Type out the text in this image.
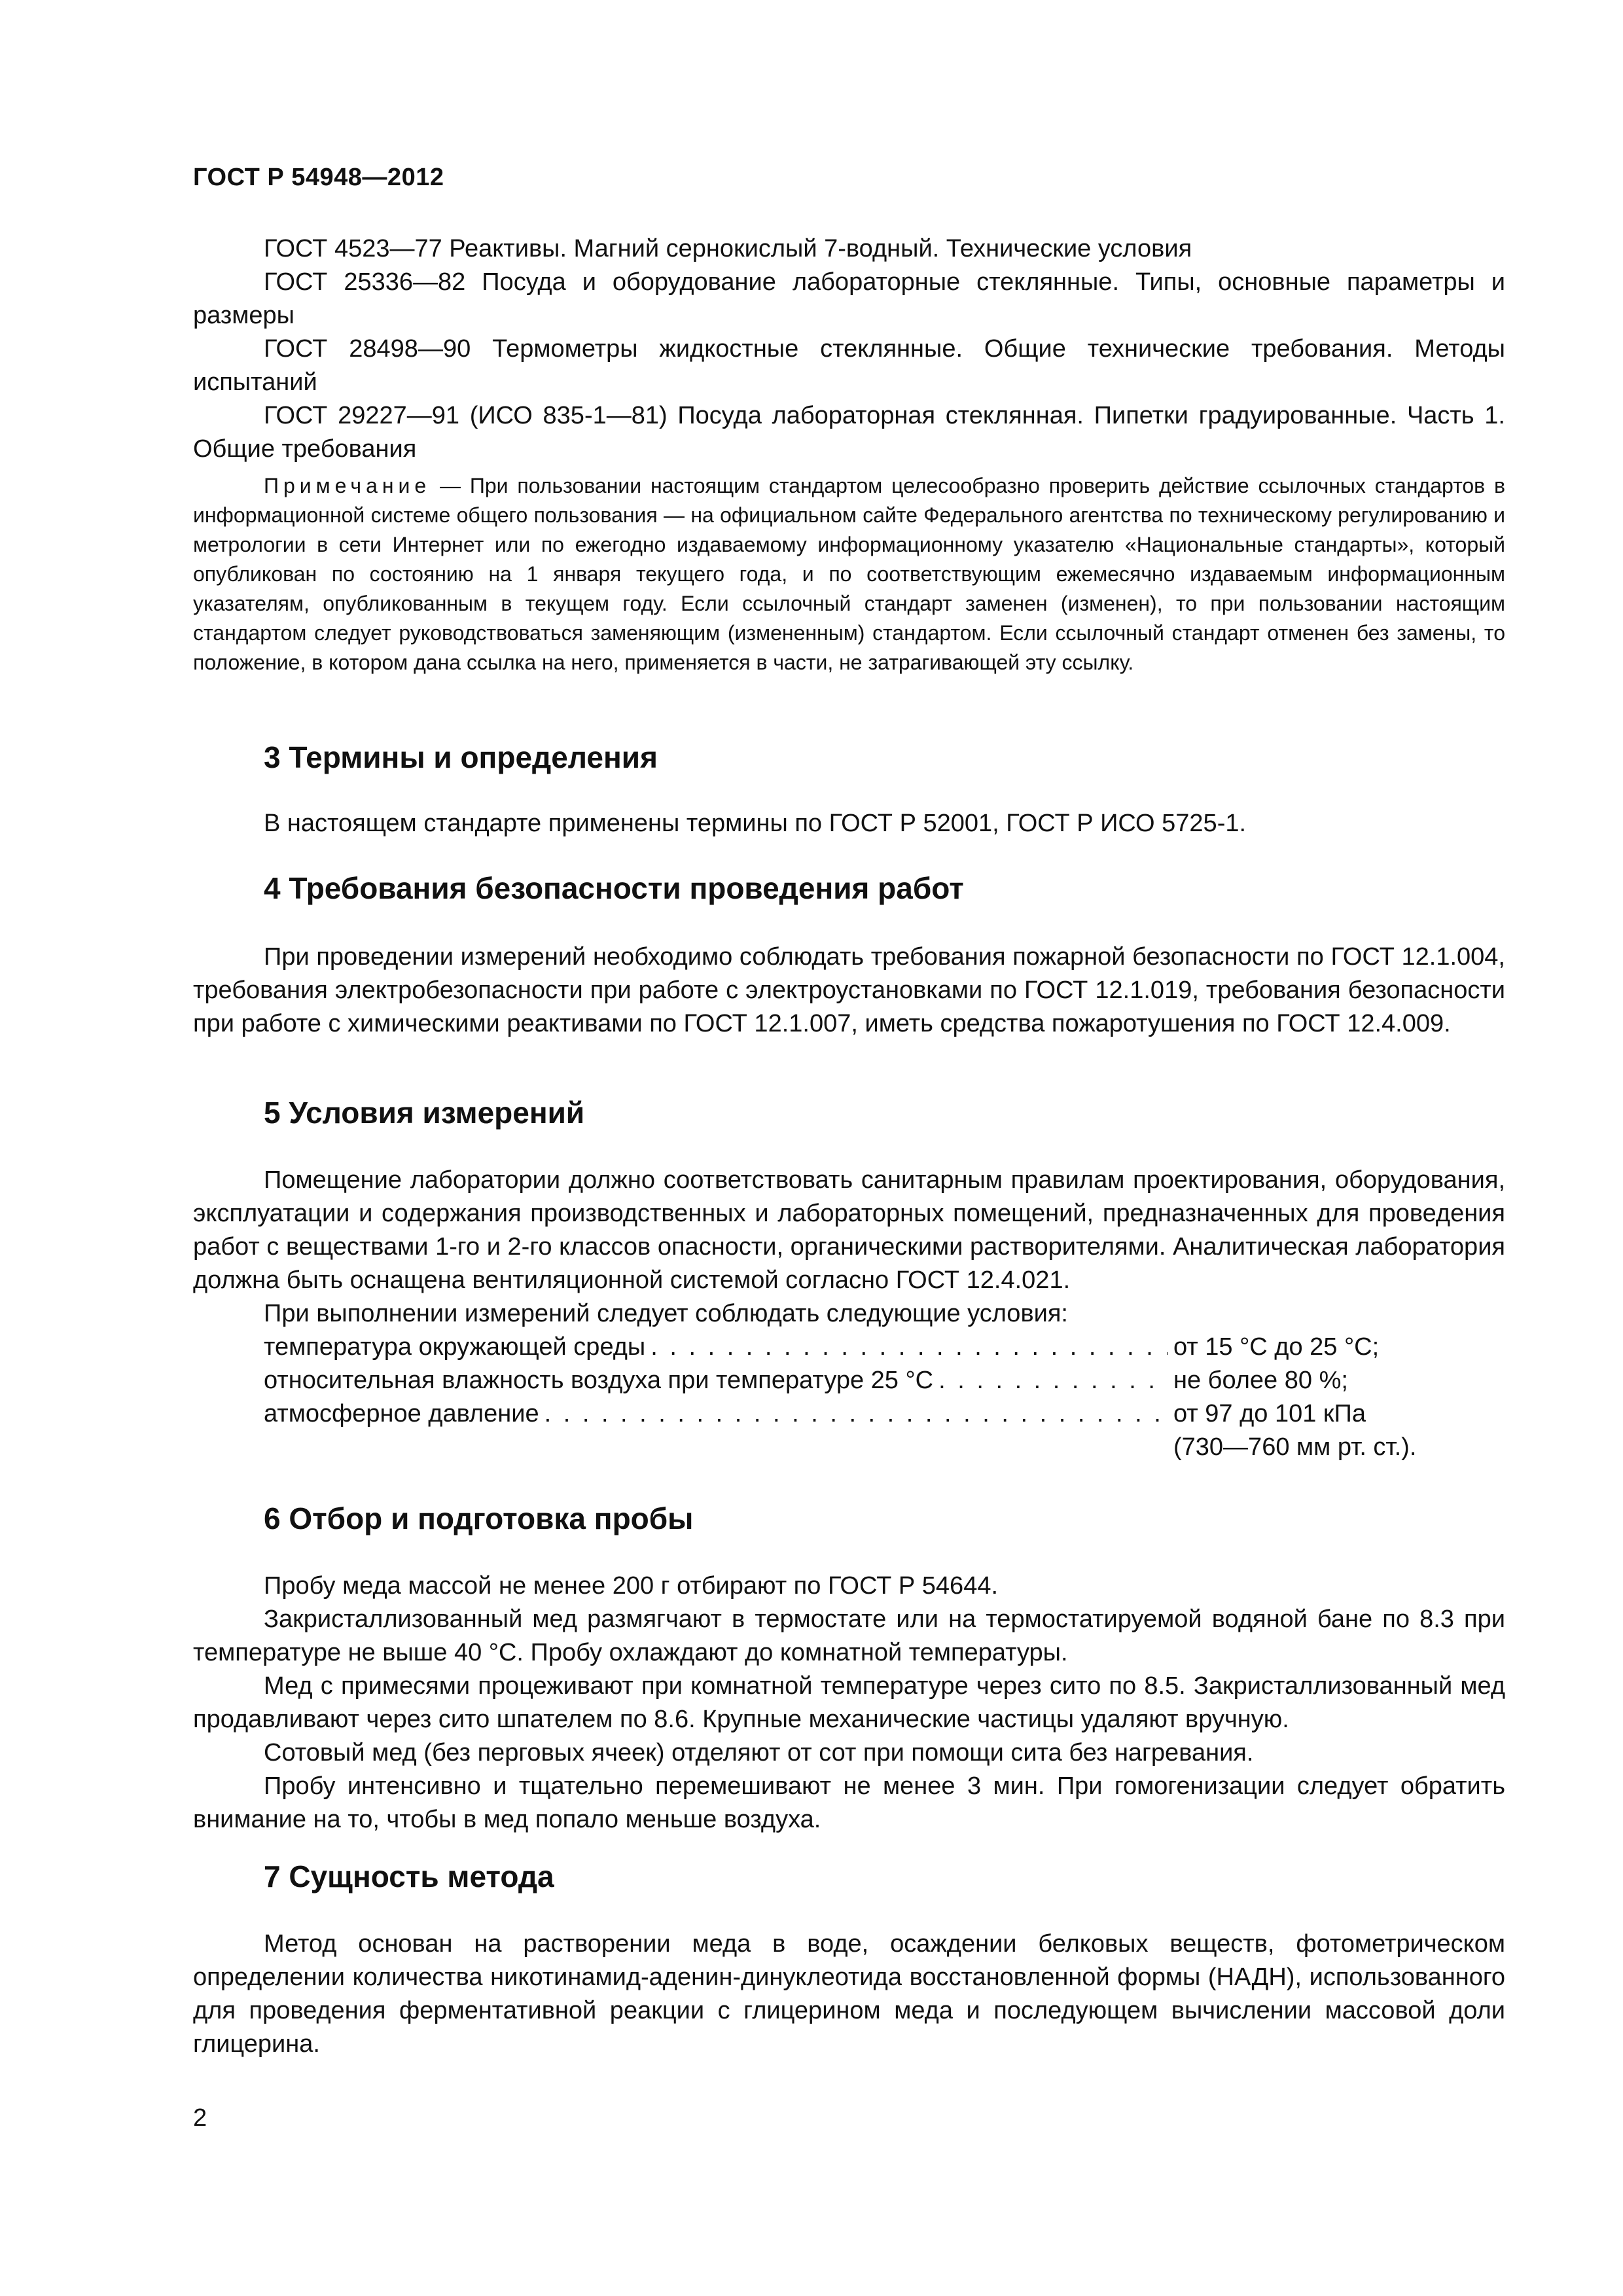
ГОСТ Р 54948—2012

ГОСТ 4523—77 Реактивы. Магний сернокислый 7-водный. Технические условия

ГОСТ 25336—82 Посуда и оборудование лабораторные стеклянные. Типы, основные параметры и размеры

ГОСТ 28498—90 Термометры жидкостные стеклянные. Общие технические требования. Методы испытаний

ГОСТ 29227—91 (ИСО 835-1—81) Посуда лабораторная стеклянная. Пипетки градуированные. Часть 1. Общие требования

Примечание — При пользовании настоящим стандартом целесообразно проверить действие ссылочных стандартов в информационной системе общего пользования — на официальном сайте Федерального агентства по техническому регулированию и метрологии в сети Интернет или по ежегодно издаваемому информационному указателю «Национальные стандарты», который опубликован по состоянию на 1 января текущего года, и по соответствующим ежемесячно издаваемым информационным указателям, опубликованным в текущем году. Если ссылочный стандарт заменен (изменен), то при пользовании настоящим стандартом следует руководствоваться заменяющим (измененным) стандартом. Если ссылочный стандарт отменен без замены, то положение, в котором дана ссылка на него, применяется в части, не затрагивающей эту ссылку.

3 Термины и определения

В настоящем стандарте применены термины по ГОСТ Р 52001, ГОСТ Р ИСО 5725-1.

4 Требования безопасности проведения работ

При проведении измерений необходимо соблюдать требования пожарной безопасности по ГОСТ 12.1.004, требования электробезопасности при работе с электроустановками по ГОСТ 12.1.019, требования безопасности при работе с химическими реактивами по ГОСТ 12.1.007, иметь средства пожаротушения по ГОСТ 12.4.009.

5 Условия измерений

Помещение лаборатории должно соответствовать санитарным правилам проектирования, оборудования, эксплуатации и содержания производственных и лабораторных помещений, предназначенных для проведения работ с веществами 1-го и 2-го классов опасности, органическими растворителями. Аналитическая лаборатория должна быть оснащена вентиляционной системой согласно ГОСТ 12.4.021.

При выполнении измерений следует соблюдать следующие условия:

температура окружающей среды . . .	от 15 °С до 25 °С;
относительная влажность воздуха при температуре 25 °С . . .	не более 80 %;
атмосферное давление . . .	от 97 до 101 кПа
(730—760 мм рт. ст.).
6 Отбор и подготовка пробы

Пробу меда массой не менее 200 г отбирают по ГОСТ Р 54644.

Закристаллизованный мед размягчают в термостате или на термостатируемой водяной бане по 8.3 при температуре не выше 40 °С. Пробу охлаждают до комнатной температуры.

Мед с примесями процеживают при комнатной температуре через сито по 8.5. Закристаллизованный мед продавливают через сито шпателем по 8.6. Крупные механические частицы удаляют вручную.

Сотовый мед (без перговых ячеек) отделяют от сот при помощи сита без нагревания.

Пробу интенсивно и тщательно перемешивают не менее 3 мин. При гомогенизации следует обратить внимание на то, чтобы в мед попало меньше воздуха.

7 Сущность метода

Метод основан на растворении меда в воде, осаждении белковых веществ, фотометрическом определении количества никотинамид-аденин-динуклеотида восстановленной формы (НАДН), использованного для проведения ферментативной реакции с глицерином меда и последующем вычислении массовой доли глицерина.

2
